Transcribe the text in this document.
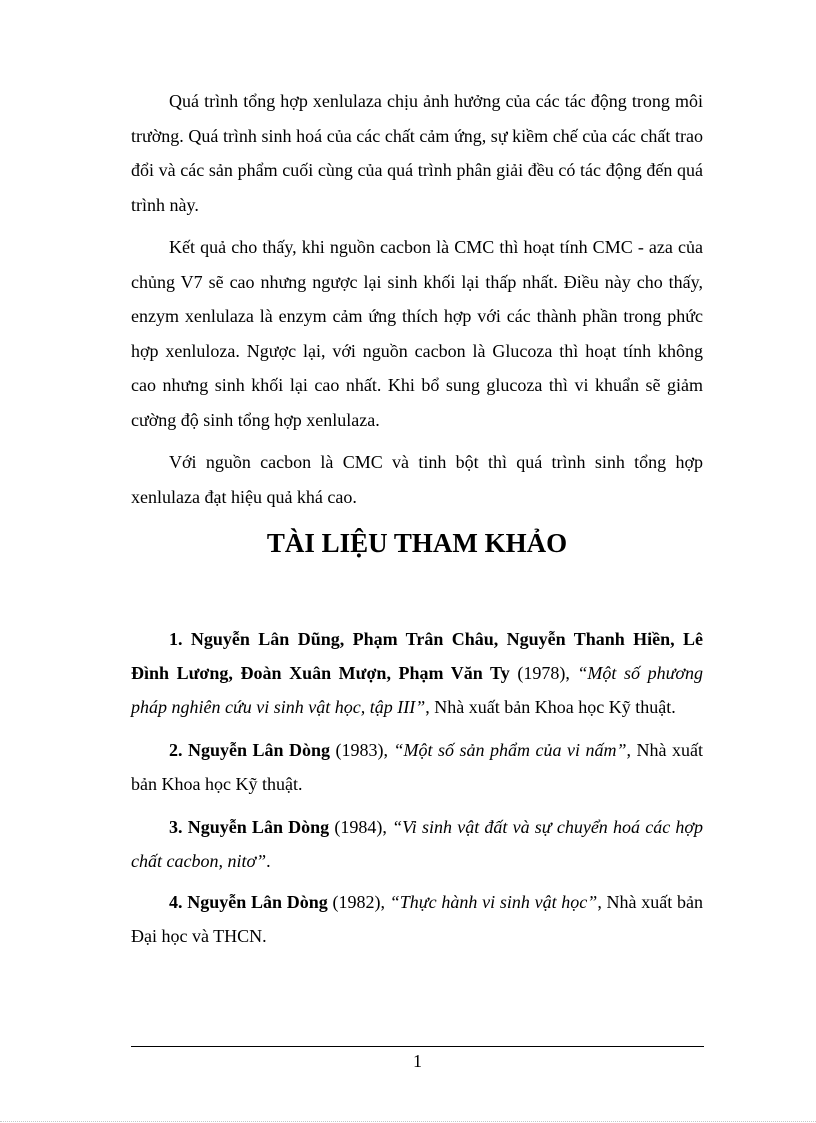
Quá trình tổng hợp xenlulaza chịu ảnh hưởng của các tác động trong môi trường. Quá trình sinh hoá của các chất cảm ứng, sự kiềm chế của các chất trao đổi và các sản phẩm cuối cùng của quá trình phân giải đều có tác động đến quá trình này.

Kết quả cho thấy, khi nguồn cacbon là CMC thì hoạt tính CMC - aza của chủng V7 sẽ cao nhưng ngược lại sinh khối lại thấp nhất. Điều này cho thấy, enzym xenlulaza là enzym cảm ứng thích hợp với các thành phần trong phức hợp xenluloza. Ngược lại, với nguồn cacbon là Glucoza thì hoạt tính không cao nhưng sinh khối lại cao nhất. Khi bổ sung glucoza thì vi khuẩn sẽ giảm cường độ sinh tổng hợp xenlulaza.

Với nguồn cacbon là CMC và tinh bột thì quá trình sinh tổng hợp xenlulaza đạt hiệu quả khá cao.

TÀI LIỆU THAM KHẢO

1. Nguyễn Lân Dũng, Phạm Trân Châu, Nguyễn Thanh Hiền, Lê Đình Lương, Đoàn Xuân Mượn, Phạm Văn Ty (1978), “Một số phương pháp nghiên cứu vi sinh vật học, tập III”, Nhà xuất bản Khoa học Kỹ thuật.

2. Nguyễn Lân Dòng (1983), “Một số sản phẩm của vi nấm”, Nhà xuất bản Khoa học Kỹ thuật.

3. Nguyễn Lân Dòng (1984), “Vi sinh vật đất và sự chuyển hoá các hợp chất cacbon, nitơ”.

4. Nguyễn Lân Dòng (1982), “Thực hành vi sinh vật học”, Nhà xuất bản Đại học và THCN.

1
